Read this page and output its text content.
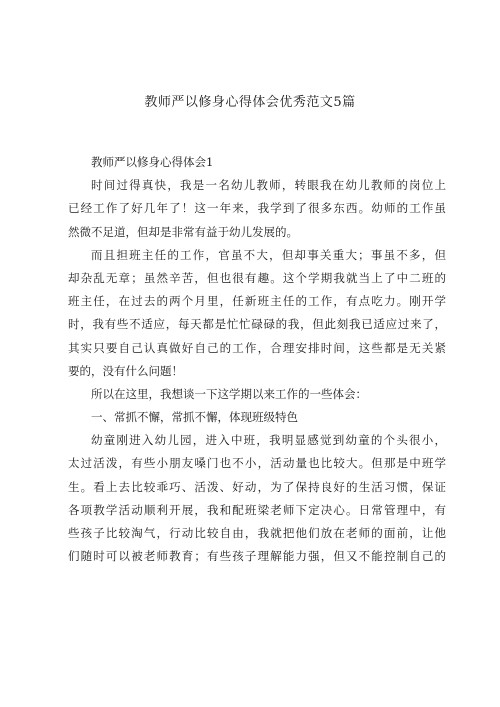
教师严以修身心得体会优秀范文5篇
教师严以修身心得体会1
时间过得真快，我是一名幼儿教师，转眼我在幼儿教师的岗位上
已经工作了好几年了！这一年来，我学到了很多东西。幼师的工作虽
然微不足道，但却是非常有益于幼儿发展的。
而且担班主任的工作，官虽不大，但却事关重大；事虽不多，但
却杂乱无章；虽然辛苦，但也很有趣。这个学期我就当上了中二班的
班主任，在过去的两个月里，任新班主任的工作，有点吃力。刚开学
时，我有些不适应，每天都是忙忙碌碌的我，但此刻我已适应过来了，
其实只要自己认真做好自己的工作，合理安排时间，这些都是无关紧
要的，没有什么问题！
所以在这里，我想谈一下这学期以来工作的一些体会：
一、常抓不懈，常抓不懈，体现班级特色
幼童刚进入幼儿园，进入中班，我明显感觉到幼童的个头很小，
太过活泼，有些小朋友嗓门也不小，活动量也比较大。但那是中班学
生。看上去比较乖巧、活泼、好动，为了保持良好的生活习惯，保证
各项教学活动顺利开展，我和配班梁老师下定决心。日常管理中，有
些孩子比较淘气，行动比较自由，我就把他们放在老师的面前，让他
们随时可以被老师教育；有些孩子理解能力强，但又不能控制自己的
